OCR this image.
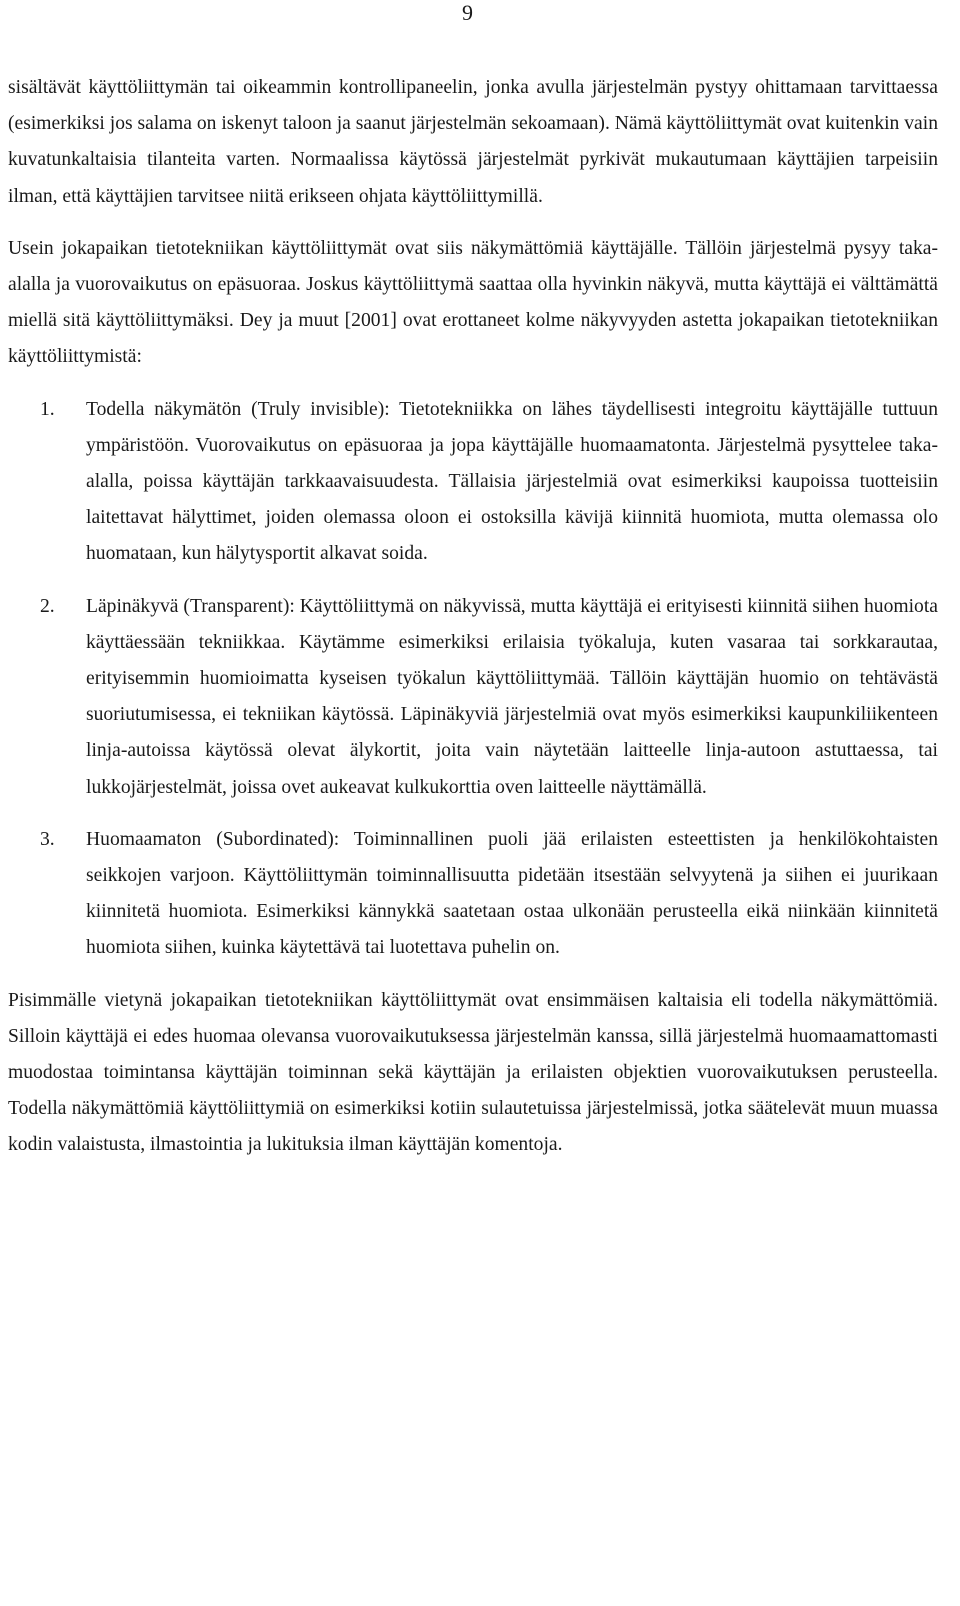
9

sisältävät käyttöliittymän tai oikeammin kontrollipaneelin, jonka avulla järjestelmän pystyy ohittamaan tarvittaessa (esimerkiksi jos salama on iskenyt taloon ja saanut järjestelmän sekoamaan). Nämä käyttöliittymät ovat kuitenkin vain kuvatunkaltaisia tilanteita varten. Normaalissa käytössä järjestelmät pyrkivät mukautumaan käyttäjien tarpeisiin ilman, että käyttäjien tarvitsee niitä erikseen ohjata käyttöliittymillä.

Usein jokapaikan tietotekniikan käyttöliittymät ovat siis näkymättömiä käyttäjälle. Tällöin järjestelmä pysyy taka-alalla ja vuorovaikutus on epäsuoraa. Joskus käyttöliittymä saattaa olla hyvinkin näkyvä, mutta käyttäjä ei välttämättä miellä sitä käyttöliittymäksi. Dey ja muut [2001] ovat erottaneet kolme näkyvyyden astetta jokapaikan tietotekniikan käyttöliittymistä:

1. Todella näkymätön (Truly invisible): Tietotekniikka on lähes täydellisesti integroitu käyttäjälle tuttuun ympäristöön. Vuorovaikutus on epäsuoraa ja jopa käyttäjälle huomaamatonta. Järjestelmä pysyttelee taka-alalla, poissa käyttäjän tarkkaavaisuudesta. Tällaisia järjestelmiä ovat esimerkiksi kaupoissa tuotteisiin laitettavat hälyttimet, joiden olemassa oloon ei ostoksilla kävijä kiinnitä huomiota, mutta olemassa olo huomataan, kun hälytysportit alkavat soida.
2. Läpinäkyvä (Transparent): Käyttöliittymä on näkyvissä, mutta käyttäjä ei erityisesti kiinnitä siihen huomiota käyttäessään tekniikkaa. Käytämme esimerkiksi erilaisia työkaluja, kuten vasaraa tai sorkkarautaa, erityisemmin huomioimatta kyseisen työkalun käyttöliittymää. Tällöin käyttäjän huomio on tehtävästä suoriutumisessa, ei tekniikan käytössä. Läpinäkyviä järjestelmiä ovat myös esimerkiksi kaupunkiliikenteen linja-autoissa käytössä olevat älykortit, joita vain näytetään laitteelle linja-autoon astuttaessa, tai lukkojärjestelmät, joissa ovet aukeavat kulkukorttia oven laitteelle näyttämällä.
3. Huomaamaton (Subordinated): Toiminnallinen puoli jää erilaisten esteettisten ja henkilökohtaisten seikkojen varjoon. Käyttöliittymän toiminnallisuutta pidetään itsestään selvyytenä ja siihen ei juurikaan kiinnitetä huomiota. Esimerkiksi kännykkä saatetaan ostaa ulkonään perusteella eikä niinkään kiinnitetä huomiota siihen, kuinka käytettävä tai luotettava puhelin on.

Pisimmälle vietynä jokapaikan tietotekniikan käyttöliittymät ovat ensimmäisen kaltaisia eli todella näkymättömiä. Silloin käyttäjä ei edes huomaa olevansa vuorovaikutuksessa järjestelmän kanssa, sillä järjestelmä huomaamattomasti muodostaa toimintansa käyttäjän toiminnan sekä käyttäjän ja erilaisten objektien vuorovaikutuksen perusteella. Todella näkymättömiä käyttöliittymiä on esimerkiksi kotiin sulautetuissa järjestelmissä, jotka säätelevät muun muassa kodin valaistusta, ilmastointia ja lukituksia ilman käyttäjän komentoja.
